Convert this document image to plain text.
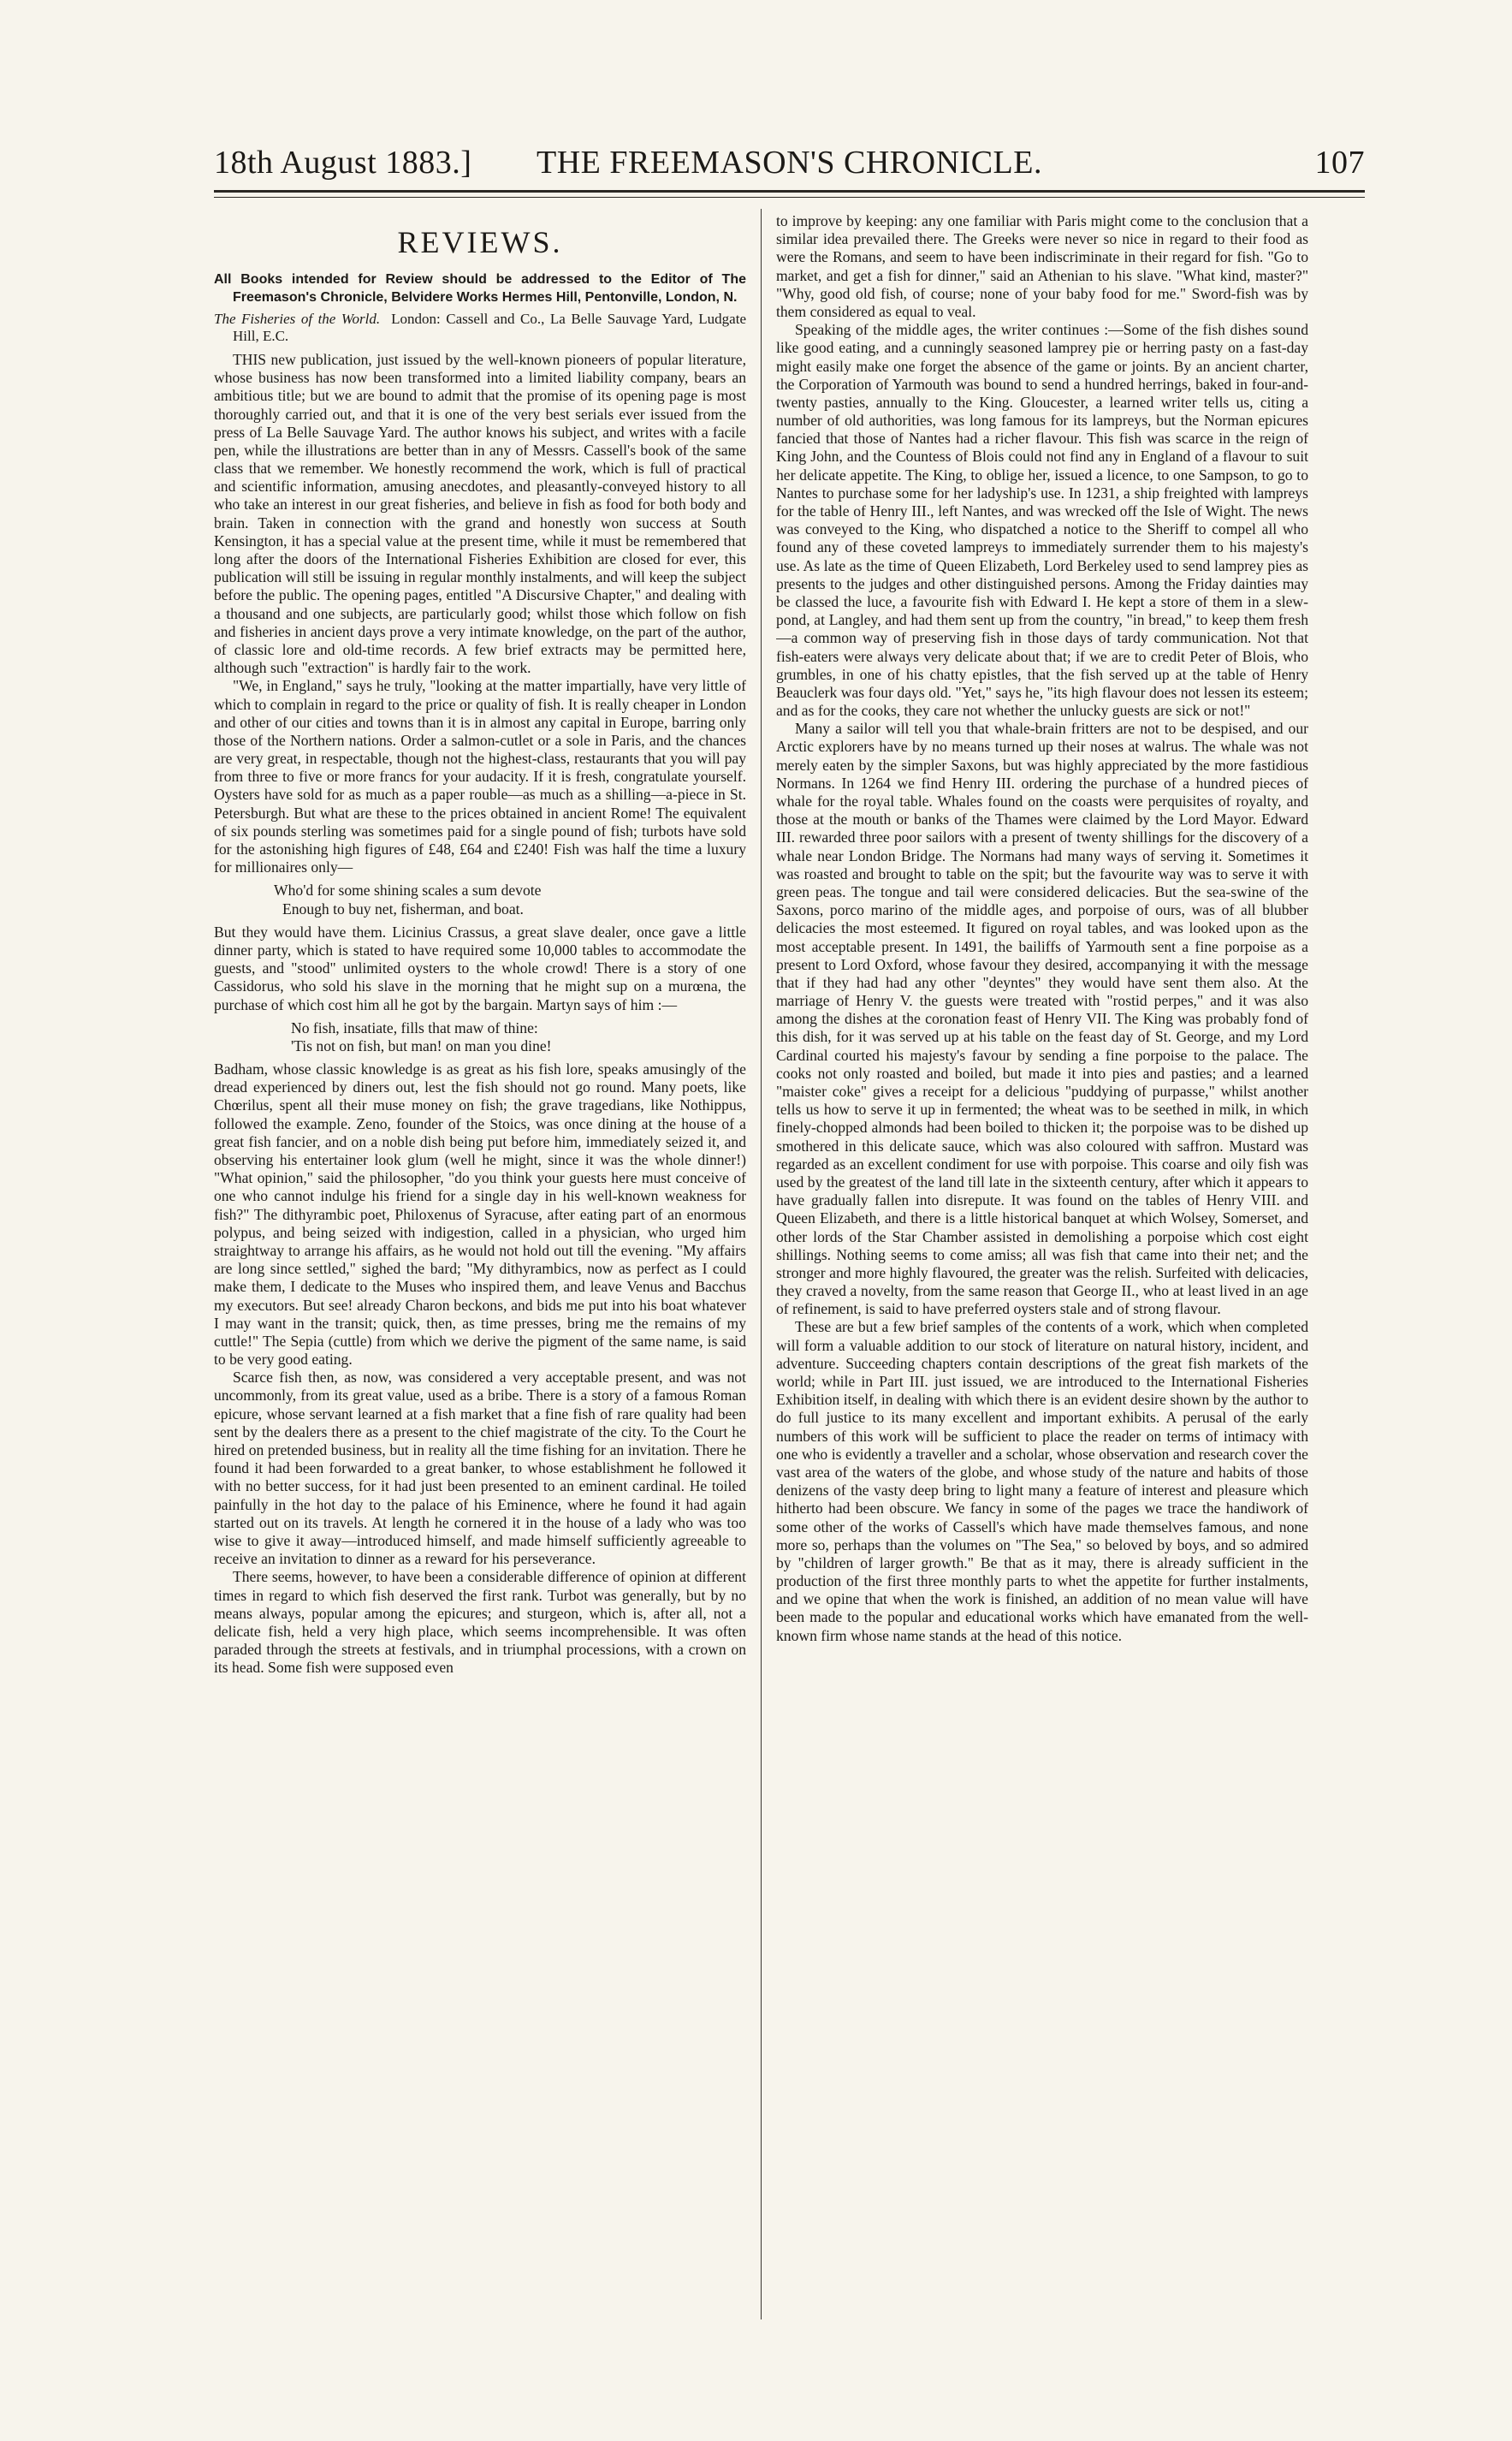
18th August 1883.]	THE FREEMASON'S CHRONICLE.	107
REVIEWS.
All Books intended for Review should be addressed to the Editor of The Freemason's Chronicle, Belvidere Works Hermes Hill, Pentonville, London, N.
The Fisheries of the World. London: Cassell and Co., La Belle Sauvage Yard, Ludgate Hill, E.C.

THIS new publication, just issued by the well-known pioneers of popular literature, whose business has now been transformed into a limited liability company, bears an ambitious title; but we are bound to admit that the promise of its opening page is most thoroughly carried out, and that it is one of the very best serials ever issued from the press of La Belle Sauvage Yard. The author knows his subject, and writes with a facile pen, while the illustrations are better than in any of Messrs. Cassell's book of the same class that we remember. We honestly recommend the work, which is full of practical and scientific information, amusing anecdotes, and pleasantly-conveyed history to all who take an interest in our great fisheries, and believe in fish as food for both body and brain. Taken in connection with the grand and honestly won success at South Kensington, it has a special value at the present time, while it must be remembered that long after the doors of the International Fisheries Exhibition are closed for ever, this publication will still be issuing in regular monthly instalments, and will keep the subject before the public. The opening pages, entitled "A Discursive Chapter," and dealing with a thousand and one subjects, are particularly good; whilst those which follow on fish and fisheries in ancient days prove a very intimate knowledge, on the part of the author, of classic lore and old-time records. A few brief extracts may be permitted here, although such "extraction" is hardly fair to the work.

"We, in England," says he truly, "looking at the matter impartially, have very little of which to complain in regard to the price or quality of fish. It is really cheaper in London and other of our cities and towns than it is in almost any capital in Europe, barring only those of the Northern nations. Order a salmon-cutlet or a sole in Paris, and the chances are very great, in respectable, though not the highest-class, restaurants that you will pay from three to five or more francs for your audacity. If it is fresh, congratulate yourself. Oysters have sold for as much as a paper rouble—as much as a shilling—a-piece in St. Petersburgh. But what are these to the prices obtained in ancient Rome! The equivalent of six pounds sterling was sometimes paid for a single pound of fish; turbots have sold for the astonishing high figures of £48, £64 and £240! Fish was half the time a luxury for millionaires only—

Who'd for some shining scales a sum devote
Enough to buy net, fisherman, and boat.

But they would have them. Licinius Crassus, a great slave dealer, once gave a little dinner party, which is stated to have required some 10,000 tables to accommodate the guests, and "stood" unlimited oysters to the whole crowd! There is a story of one Cassidorus, who sold his slave in the morning that he might sup on a murœna, the purchase of which cost him all he got by the bargain. Martyn says of him :—

No fish, insatiate, fills that maw of thine:
'Tis not on fish, but man! on man you dine!

Badham, whose classic knowledge is as great as his fish lore, speaks amusingly of the dread experienced by diners out, lest the fish should not go round. Many poets, like Chœrilus, spent all their muse money on fish; the grave tragedians, like Nothippus, followed the example. Zeno, founder of the Stoics, was once dining at the house of a great fish fancier, and on a noble dish being put before him, immediately seized it, and observing his entertainer look glum (well he might, since it was the whole dinner!) "What opinion," said the philosopher, "do you think your guests here must conceive of one who cannot indulge his friend for a single day in his well-known weakness for fish?" The dithyrambic poet, Philoxenus of Syracuse, after eating part of an enormous polypus, and being seized with indigestion, called in a physician, who urged him straightway to arrange his affairs, as he would not hold out till the evening. "My affairs are long since settled," sighed the bard; "My dithyrambics, now as perfect as I could make them, I dedicate to the Muses who inspired them, and leave Venus and Bacchus my executors. But see! already Charon beckons, and bids me put into his boat whatever I may want in the transit; quick, then, as time presses, bring me the remains of my cuttle!" The Sepia (cuttle) from which we derive the pigment of the same name, is said to be very good eating.

Scarce fish then, as now, was considered a very acceptable present, and was not uncommonly, from its great value, used as a bribe. There is a story of a famous Roman epicure, whose servant learned at a fish market that a fine fish of rare quality had been sent by the dealers there as a present to the chief magistrate of the city. To the Court he hired on pretended business, but in reality all the time fishing for an invitation. There he found it had been forwarded to a great banker, to whose establishment he followed it with no better success, for it had just been presented to an eminent cardinal. He toiled painfully in the hot day to the palace of his Eminence, where he found it had again started out on its travels. At length he cornered it in the house of a lady who was too wise to give it away—introduced himself, and made himself sufficiently agreeable to receive an invitation to dinner as a reward for his perseverance.

There seems, however, to have been a considerable difference of opinion at different times in regard to which fish deserved the first rank. Turbot was generally, but by no means always, popular among the epicures; and sturgeon, which is, after all, not a delicate fish, held a very high place, which seems incomprehensible. It was often paraded through the streets at festivals, and in triumphal processions, with a crown on its head. Some fish were supposed even

to improve by keeping: any one familiar with Paris might come to the conclusion that a similar idea prevailed there. The Greeks were never so nice in regard to their food as were the Romans, and seem to have been indiscriminate in their regard for fish. "Go to market, and get a fish for dinner," said an Athenian to his slave. "What kind, master?" "Why, good old fish, of course; none of your baby food for me." Sword-fish was by them considered as equal to veal.

Speaking of the middle ages, the writer continues :—Some of the fish dishes sound like good eating, and a cunningly seasoned lamprey pie or herring pasty on a fast-day might easily make one forget the absence of the game or joints. By an ancient charter, the Corporation of Yarmouth was bound to send a hundred herrings, baked in four-and-twenty pasties, annually to the King. Gloucester, a learned writer tells us, citing a number of old authorities, was long famous for its lampreys, but the Norman epicures fancied that those of Nantes had a richer flavour. This fish was scarce in the reign of King John, and the Countess of Blois could not find any in England of a flavour to suit her delicate appetite. The King, to oblige her, issued a licence, to one Sampson, to go to Nantes to purchase some for her ladyship's use. In 1231, a ship freighted with lampreys for the table of Henry III., left Nantes, and was wrecked off the Isle of Wight. The news was conveyed to the King, who dispatched a notice to the Sheriff to compel all who found any of these coveted lampreys to immediately surrender them to his majesty's use. As late as the time of Queen Elizabeth, Lord Berkeley used to send lamprey pies as presents to the judges and other distinguished persons. Among the Friday dainties may be classed the luce, a favourite fish with Edward I. He kept a store of them in a slew-pond, at Langley, and had them sent up from the country, "in bread," to keep them fresh—a common way of preserving fish in those days of tardy communication. Not that fish-eaters were always very delicate about that; if we are to credit Peter of Blois, who grumbles, in one of his chatty epistles, that the fish served up at the table of Henry Beauclerk was four days old. "Yet," says he, "its high flavour does not lessen its esteem; and as for the cooks, they care not whether the unlucky guests are sick or not!"

Many a sailor will tell you that whale-brain fritters are not to be despised, and our Arctic explorers have by no means turned up their noses at walrus. The whale was not merely eaten by the simpler Saxons, but was highly appreciated by the more fastidious Normans. In 1264 we find Henry III. ordering the purchase of a hundred pieces of whale for the royal table. Whales found on the coasts were perquisites of royalty, and those at the mouth or banks of the Thames were claimed by the Lord Mayor. Edward III. rewarded three poor sailors with a present of twenty shillings for the discovery of a whale near London Bridge. The Normans had many ways of serving it. Sometimes it was roasted and brought to table on the spit; but the favourite way was to serve it with green peas. The tongue and tail were considered delicacies. But the sea-swine of the Saxons, porco marino of the middle ages, and porpoise of ours, was of all blubber delicacies the most esteemed. It figured on royal tables, and was looked upon as the most acceptable present. In 1491, the bailiffs of Yarmouth sent a fine porpoise as a present to Lord Oxford, whose favour they desired, accompanying it with the message that if they had had any other "deyntes" they would have sent them also. At the marriage of Henry V. the guests were treated with "rostid perpes," and it was also among the dishes at the coronation feast of Henry VII. The King was probably fond of this dish, for it was served up at his table on the feast day of St. George, and my Lord Cardinal courted his majesty's favour by sending a fine porpoise to the palace. The cooks not only roasted and boiled, but made it into pies and pasties; and a learned "maister coke" gives a receipt for a delicious "puddying of purpasse," whilst another tells us how to serve it up in fermented; the wheat was to be seethed in milk, in which finely-chopped almonds had been boiled to thicken it; the porpoise was to be dished up smothered in this delicate sauce, which was also coloured with saffron. Mustard was regarded as an excellent condiment for use with porpoise. This coarse and oily fish was used by the greatest of the land till late in the sixteenth century, after which it appears to have gradually fallen into disrepute. It was found on the tables of Henry VIII. and Queen Elizabeth, and there is a little historical banquet at which Wolsey, Somerset, and other lords of the Star Chamber assisted in demolishing a porpoise which cost eight shillings. Nothing seems to come amiss; all was fish that came into their net; and the stronger and more highly flavoured, the greater was the relish. Surfeited with delicacies, they craved a novelty, from the same reason that George II., who at least lived in an age of refinement, is said to have preferred oysters stale and of strong flavour.

These are but a few brief samples of the contents of a work, which when completed will form a valuable addition to our stock of literature on natural history, incident, and adventure. Succeeding chapters contain descriptions of the great fish markets of the world; while in Part III. just issued, we are introduced to the International Fisheries Exhibition itself, in dealing with which there is an evident desire shown by the author to do full justice to its many excellent and important exhibits. A perusal of the early numbers of this work will be sufficient to place the reader on terms of intimacy with one who is evidently a traveller and a scholar, whose observation and research cover the vast area of the waters of the globe, and whose study of the nature and habits of those denizens of the vasty deep bring to light many a feature of interest and pleasure which hitherto had been obscure. We fancy in some of the pages we trace the handiwork of some other of the works of Cassell's which have made themselves famous, and none more so, perhaps than the volumes on "The Sea," so beloved by boys, and so admired by "children of larger growth." Be that as it may, there is already sufficient in the production of the first three monthly parts to whet the appetite for further instalments, and we opine that when the work is finished, an addition of no mean value will have been made to the popular and educational works which have emanated from the well-known firm whose name stands at the head of this notice.
